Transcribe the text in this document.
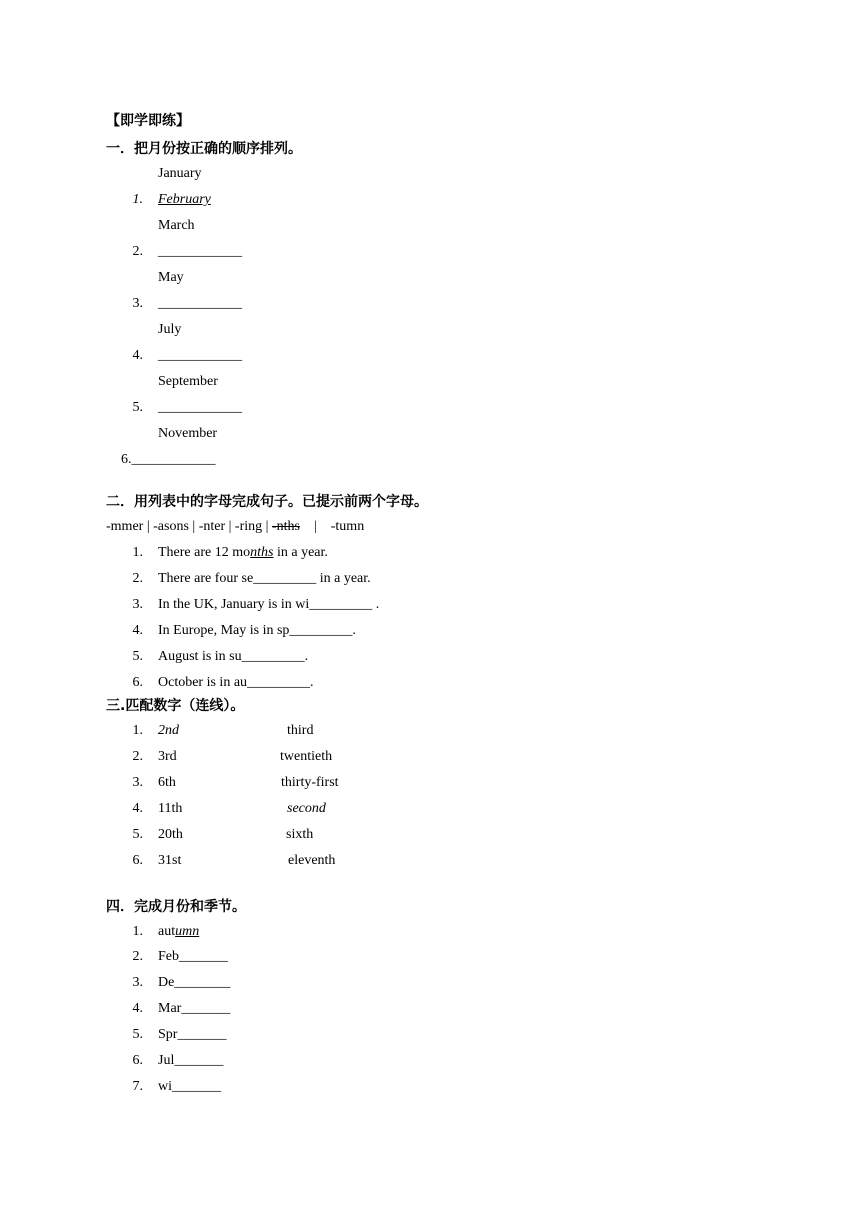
【即学即练】
一．把月份按正确的顺序排列。
January
1. February
March
2. ____________
May
3. ____________
July
4. ____________
September
5. ____________
November
6.____________
二．用列表中的字母完成句子。已提示前两个字母。
-mmer | -asons | -nter | -ring | -nths    |    -tumn
1. There are 12 months in a year.
2. There are four se_________ in a year.
3. In the UK, January is in wi_________ .
4. In Europe, May is in sp_________.
5. August is in su_________.
6. October is in au_________.
三.匹配数字（连线）。
1. 2nd	third
2. 3rd	twentieth
3. 6th	thirty-first
4. 11th	second
5. 20th	sixth
6. 31st	eleventh
四．完成月份和季节。
1. autumn
2. Feb_______
3. De________
4. Mar_______
5. Spr_______
6. Jul_______
7. wi_______
